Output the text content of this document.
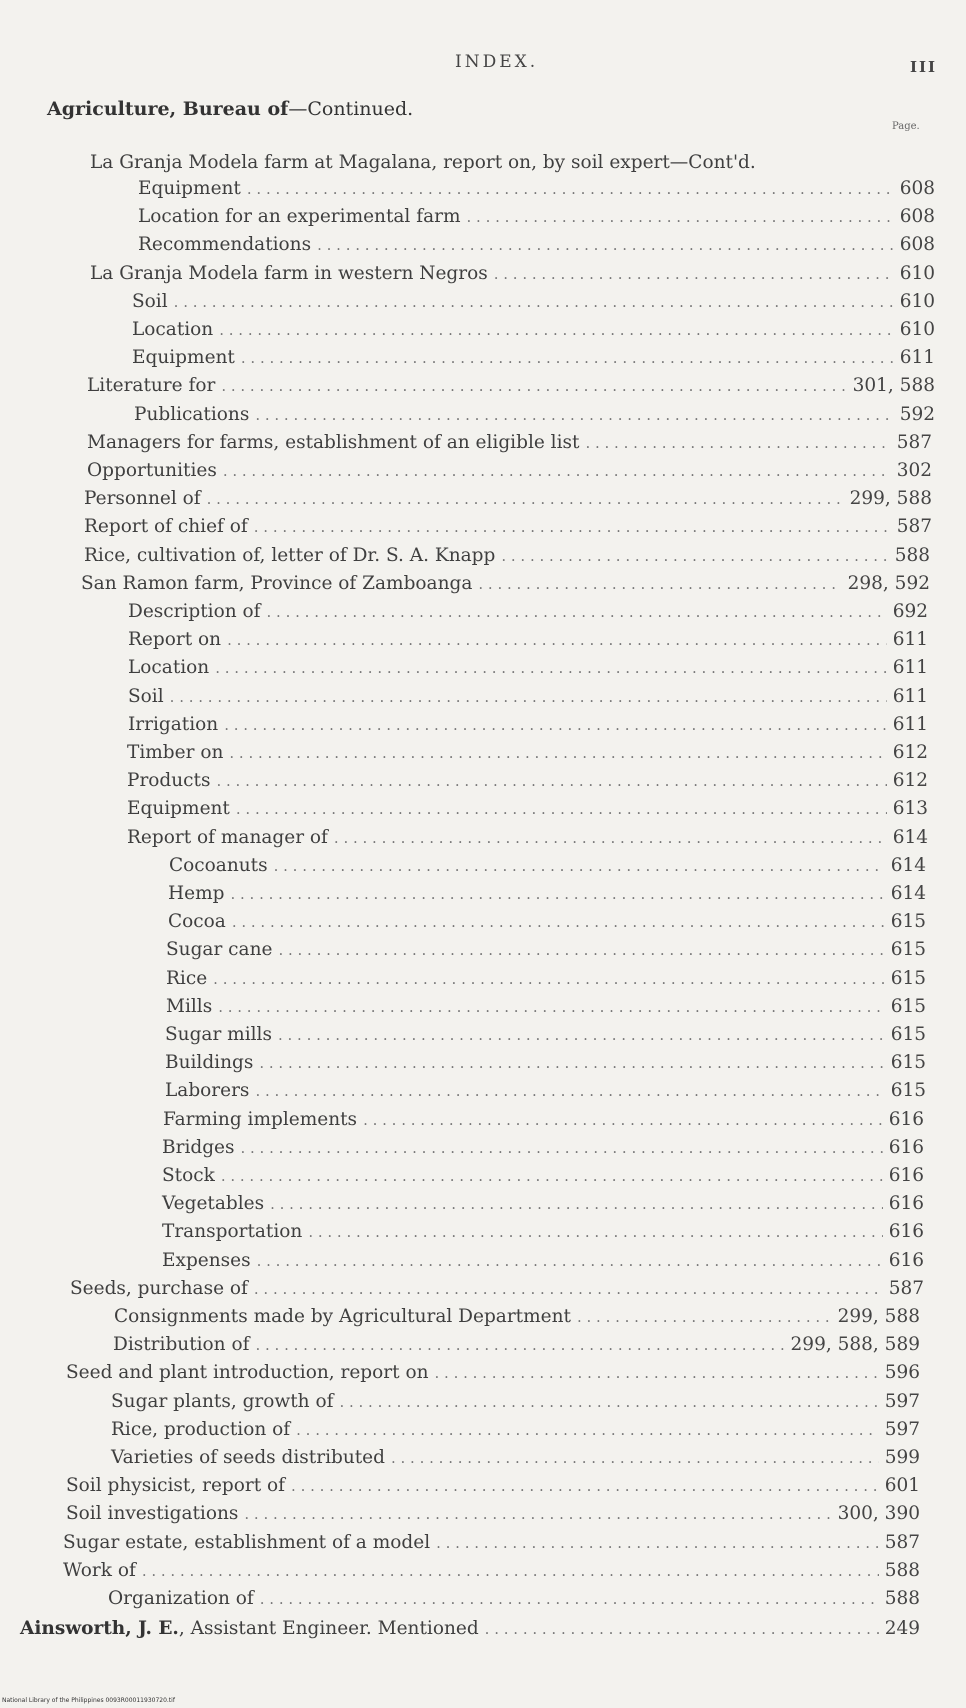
INDEX.	III
Agriculture, Bureau of—Continued.
Page.
La Granja Modela farm at Magalana, report on, by soil expert—Cont'd.
Equipment . . .	608
Location for an experimental farm . . .	608
Recommendations . . .	608
La Granja Modela farm in western Negros . . .	610
Soil . . .	610
Location . . .	610
Equipment . . .	611
Literature for . . .	301, 588
Publications . . .	592
Managers for farms, establishment of an eligible list . . .	587
Opportunities . . .	302
Personnel of . . .	299, 588
Report of chief of . . .	587
Rice, cultivation of, letter of Dr. S. A. Knapp . . .	588
San Ramon farm, Province of Zamboanga . . .	298, 592
Description of . . .	692
Report on . . .	611
Location . . .	611
Soil . . .	611
Irrigation . . .	611
Timber on . . .	612
Products . . .	612
Equipment . . .	613
Report of manager of . . .	614
Cocoanuts . . .	614
Hemp . . .	614
Cocoa . . .	615
Sugar cane . . .	615
Rice . . .	615
Mills . . .	615
Sugar mills . . .	615
Buildings . . .	615
Laborers . . .	615
Farming implements . . .	616
Bridges . . .	616
Stock . . .	616
Vegetables . . .	616
Transportation . . .	616
Expenses . . .	616
Seeds, purchase of . . .	587
Consignments made by Agricultural Department . . .	299, 588
Distribution of . . .	299, 588, 589
Seed and plant introduction, report on . . .	596
Sugar plants, growth of . . .	597
Rice, production of . . .	597
Varieties of seeds distributed . . .	599
Soil physicist, report of . . .	601
Soil investigations . . .	300, 390
Sugar estate, establishment of a model . . .	587
Work of . . .	588
Organization of . . .	588
Ainsworth, J. E., Assistant Engineer. Mentioned . . .	249
National Library of the Philippines 0093R00011930720.tif
